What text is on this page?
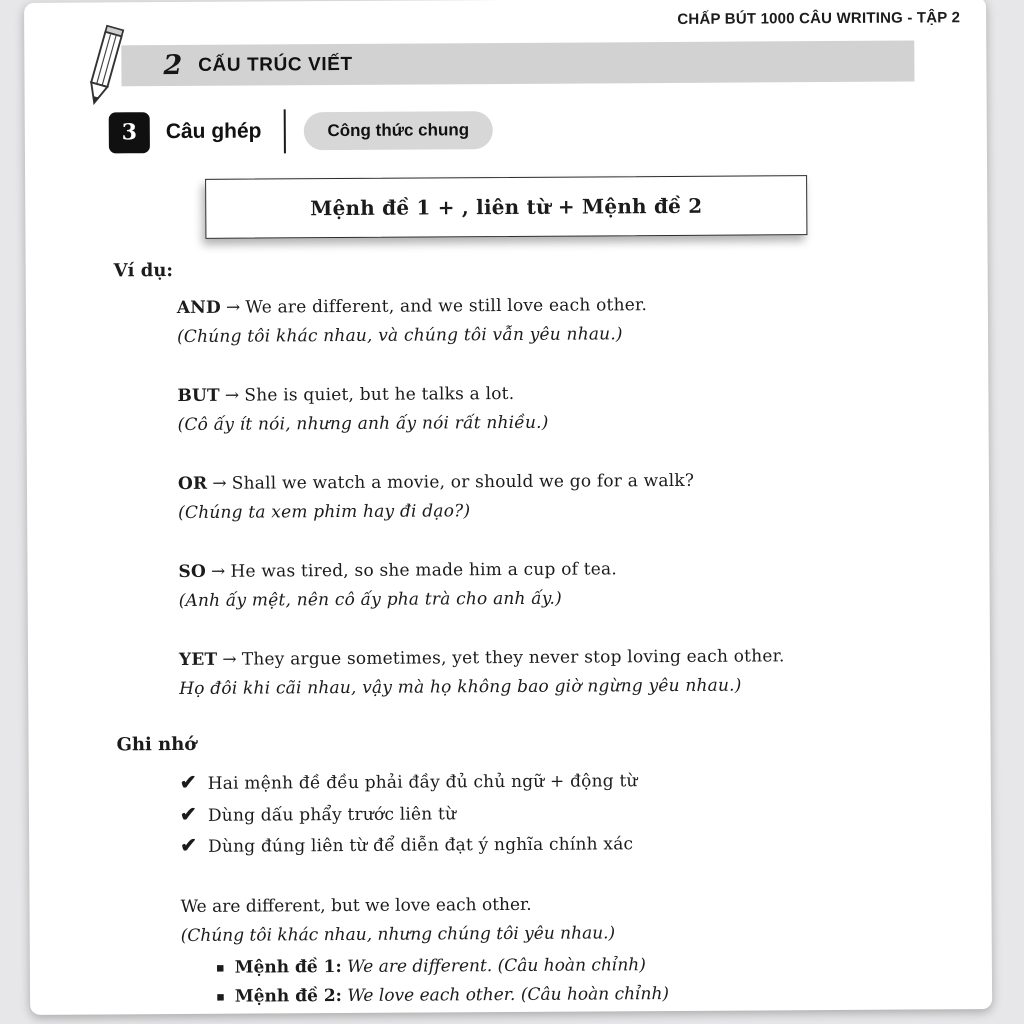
CHẤP BÚT 1000 CÂU WRITING - TẬP 2
2 CẤU TRÚC VIẾT
3 Câu ghép	Công thức chung
Mệnh đề 1 + , liên từ + Mệnh đề 2
Ví dụ:
AND → We are different, and we still love each other.
(Chúng tôi khác nhau, và chúng tôi vẫn yêu nhau.)
BUT → She is quiet, but he talks a lot.
(Cô ấy ít nói, nhưng anh ấy nói rất nhiều.)
OR → Shall we watch a movie, or should we go for a walk?
(Chúng ta xem phim hay đi dạo?)
SO → He was tired, so she made him a cup of tea.
(Anh ấy mệt, nên cô ấy pha trà cho anh ấy.)
YET → They argue sometimes, yet they never stop loving each other.
Họ đôi khi cãi nhau, vậy mà họ không bao giờ ngừng yêu nhau.)
Ghi nhớ
✔ Hai mệnh đề đều phải đầy đủ chủ ngữ + động từ
✔ Dùng dấu phẩy trước liên từ
✔ Dùng đúng liên từ để diễn đạt ý nghĩa chính xác
We are different, but we love each other.
(Chúng tôi khác nhau, nhưng chúng tôi yêu nhau.)
▪ Mệnh đề 1: We are different. (Câu hoàn chỉnh)
▪ Mệnh đề 2: We love each other. (Câu hoàn chỉnh)
